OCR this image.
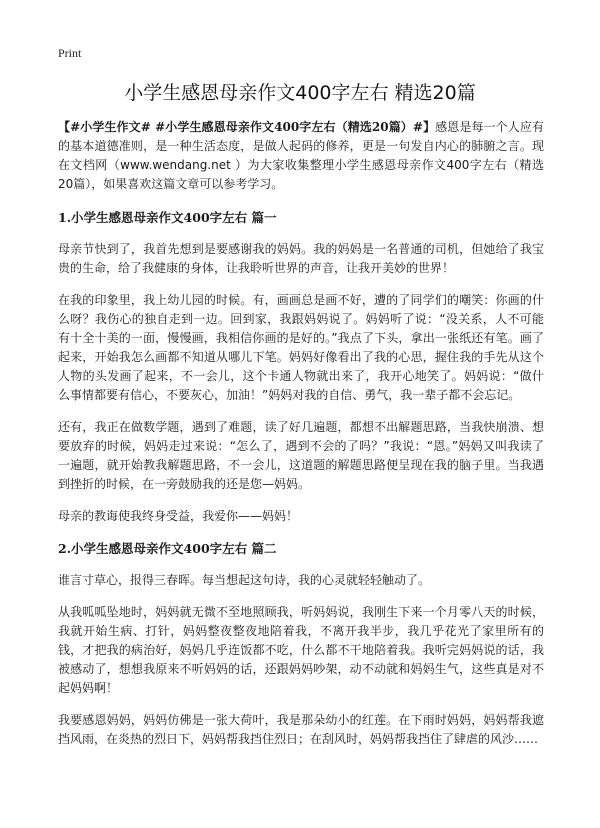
Print
小学生感恩母亲作文400字左右 精选20篇

【#小学生作文# #小学生感恩母亲作文400字左右（精选20篇）#】感恩是每一个人应有的基本道德准则，是一种生活态度，是做人起码的修养，更是一句发自内心的肺腑之言。现在文档网（www.wendang.net ）为大家收集整理小学生感恩母亲作文400字左右（精选20篇），如果喜欢这篇文章可以参考学习。

1.小学生感恩母亲作文400字左右 篇一

母亲节快到了，我首先想到是要感谢我的妈妈。我的妈妈是一名普通的司机，但她给了我宝贵的生命，给了我健康的身体，让我聆听世界的声音，让我开美妙的世界！

在我的印象里，我上幼儿园的时候。有，画画总是画不好，遭的了同学们的嘲笑：你画的什么呀？我伤心的独自走到一边。回到家，我跟妈妈说了。妈妈听了说：“没关系，人不可能有十全十美的一面，慢慢画，我相信你画的是好的。”我点了下头，拿出一张纸还有笔。画了起来，开始我怎么画都不知道从哪儿下笔。妈妈好像看出了我的心思，握住我的手先从这个人物的头发画了起来，不一会儿，这个卡通人物就出来了，我开心地笑了。妈妈说：“做什么事情都要有信心，不要灰心，加油！”妈妈对我的自信、勇气，我一辈子都不会忘记。

还有，我正在做数学题，遇到了难题，读了好几遍题，都想不出解题思路，当我快崩溃、想要放弃的时候，妈妈走过来说：“怎么了，遇到不会的了吗？”我说：“恩。”妈妈又叫我读了一遍题，就开始教我解题思路，不一会儿，这道题的解题思路便呈现在我的脑子里。当我遇到挫折的时候，在一旁鼓励我的还是您—妈妈。

母亲的教诲使我终身受益，我爱你——妈妈！

2.小学生感恩母亲作文400字左右 篇二

谁言寸草心，报得三春晖。每当想起这句诗，我的心灵就轻轻触动了。

从我呱呱坠地时，妈妈就无微不至地照顾我，听妈妈说，我刚生下来一个月零八天的时候，我就开始生病、打针，妈妈整夜整夜地陪着我，不离开我半步，我几乎花光了家里所有的钱，才把我的病治好，妈妈几乎连饭都不吃，什么都不干地陪着我。我听完妈妈说的话，我被感动了，想想我原来不听妈妈的话，还跟妈妈吵架，动不动就和妈妈生气，这些真是对不起妈妈啊！

我要感恩妈妈，妈妈仿佛是一张大荷叶，我是那朵幼小的红莲。在下雨时妈妈，妈妈帮我遮挡风雨，在炎热的烈日下，妈妈帮我挡住烈日；在刮风时，妈妈帮我挡住了肆虐的风沙……
